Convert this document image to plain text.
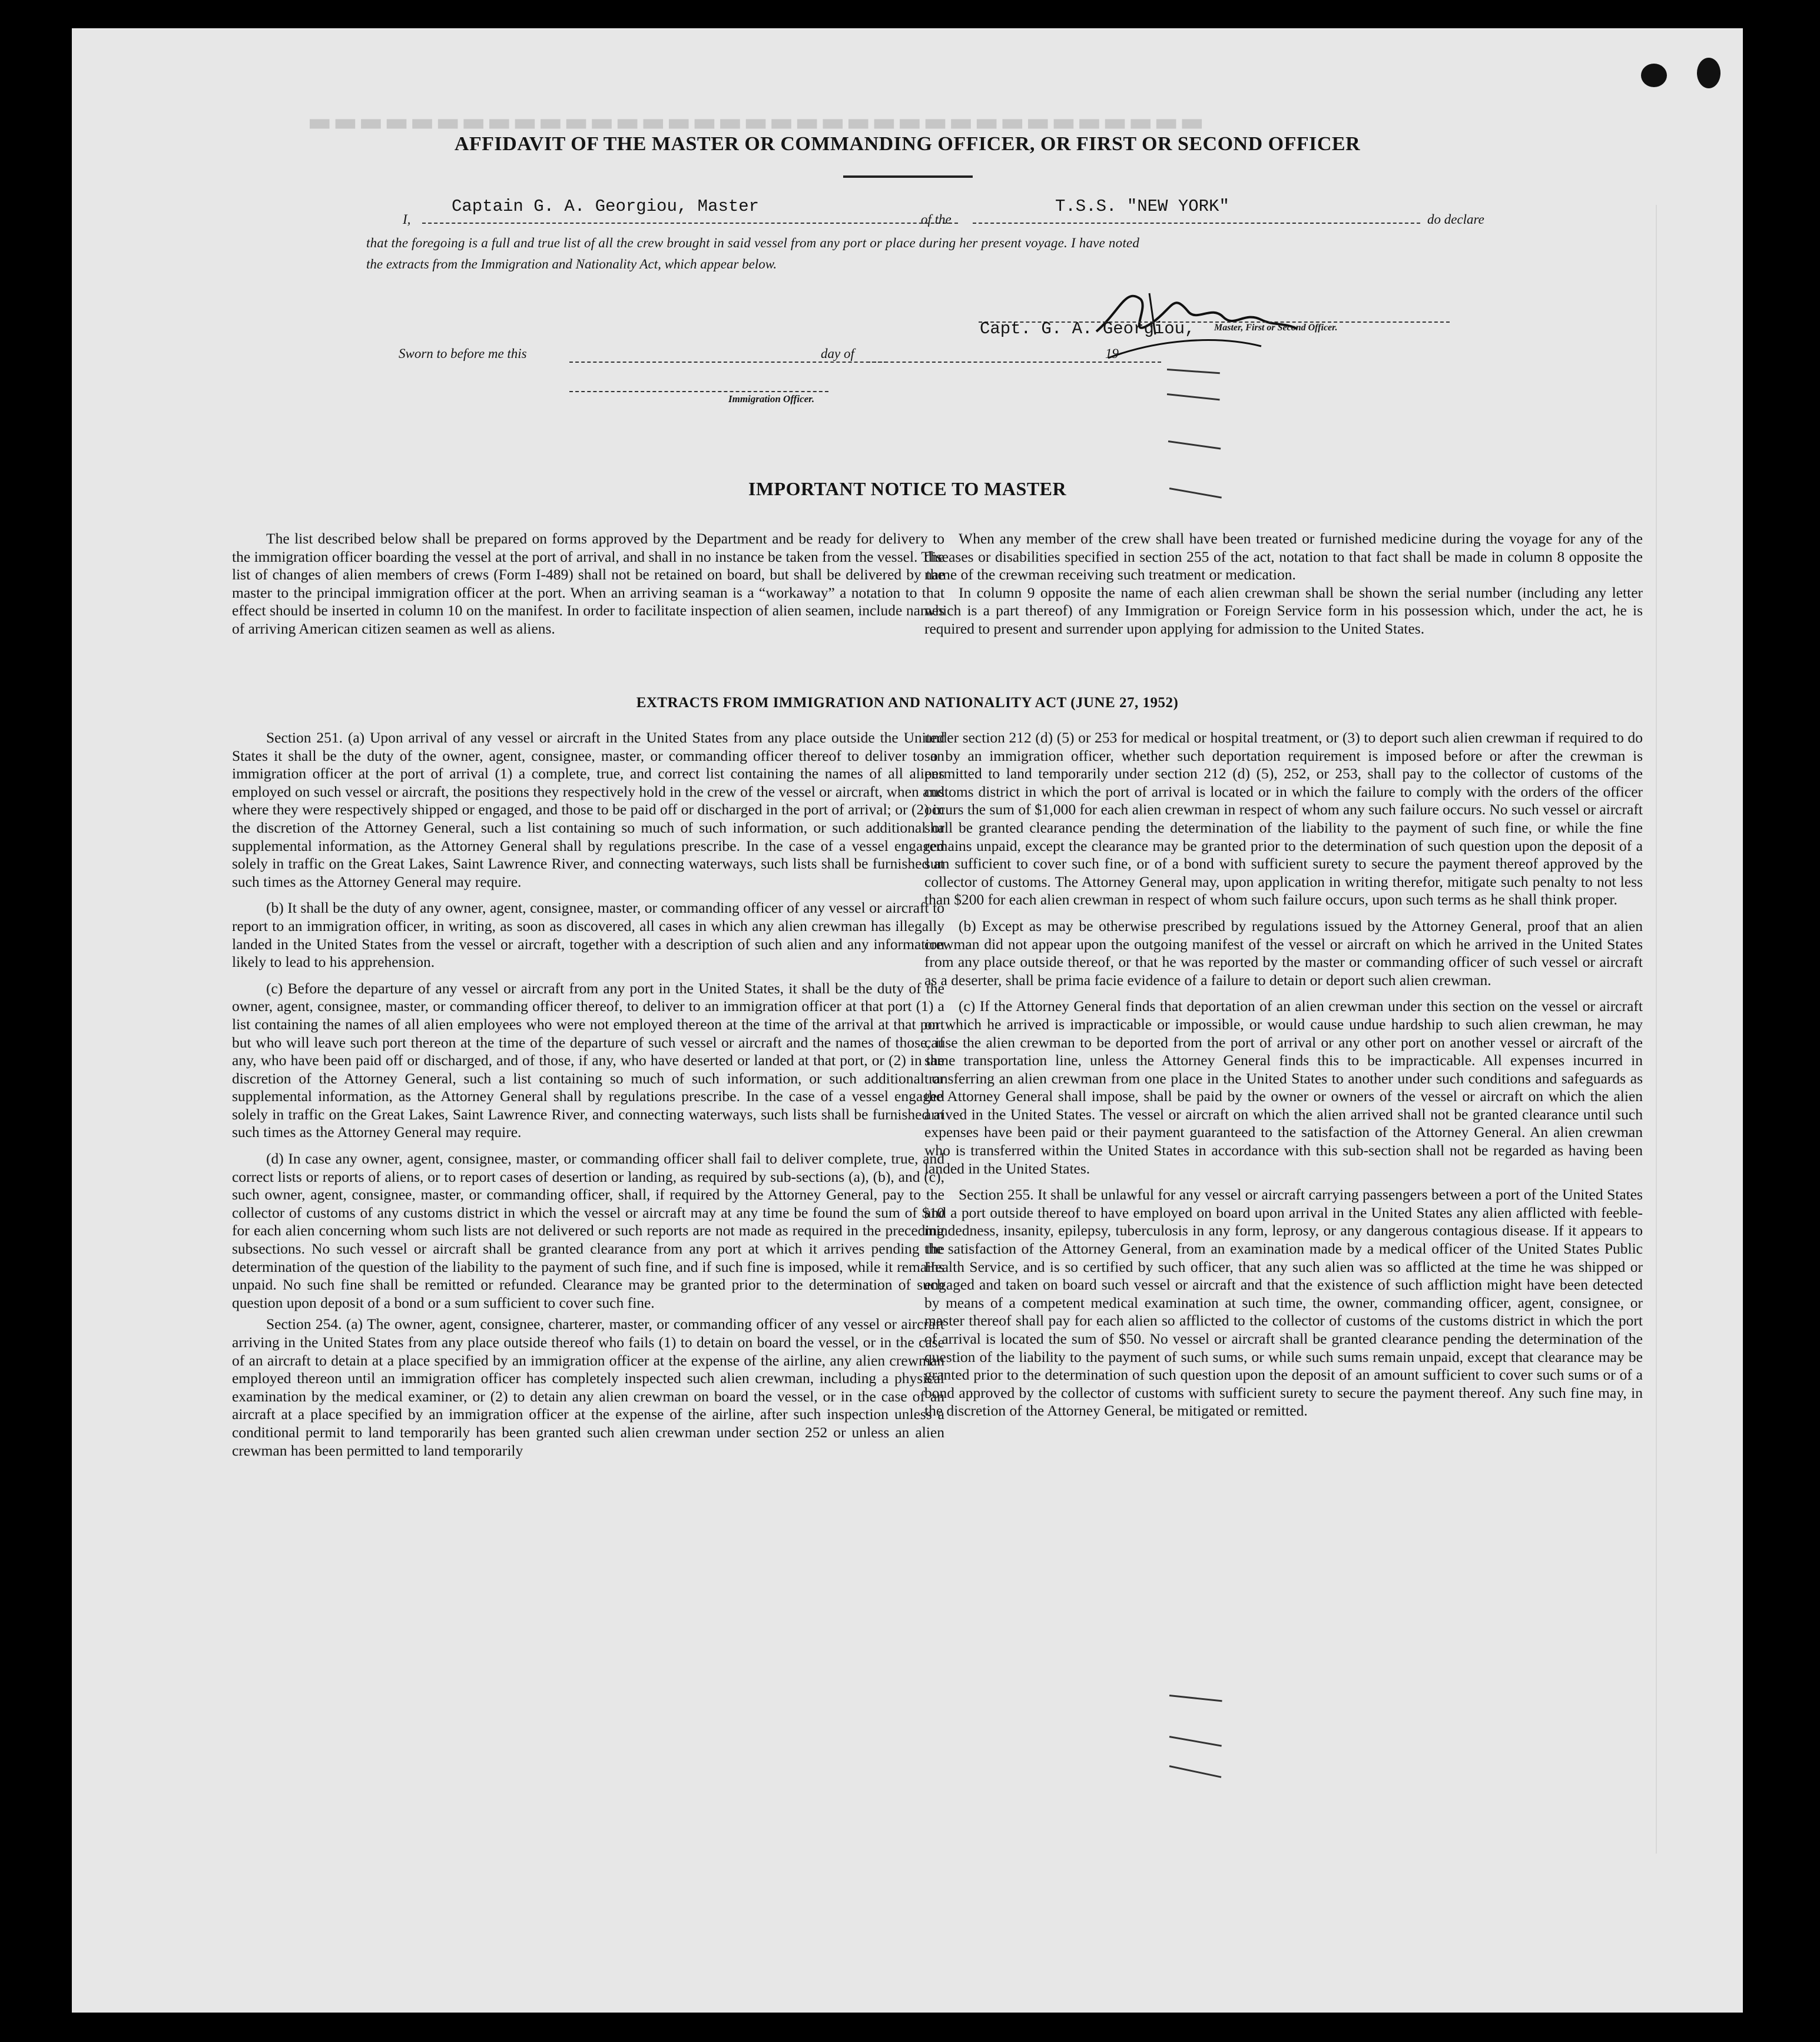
▬▬▬▬▬▬▬▬▬▬▬▬▬▬▬▬▬▬▬▬▬▬▬▬▬▬▬▬▬▬▬▬▬▬▬
AFFIDAVIT OF THE MASTER OR COMMANDING OFFICER, OR FIRST OR SECOND OFFICER
I,
Captain G. A. Georgiou, Master
of the
T.S.S. "NEW YORK"
do declare
that the foregoing is a full and true list of all the crew brought in said vessel from any port or place during her present voyage. I have noted
the extracts from the Immigration and Nationality Act, which appear below.
Capt. G. A. Georgiou, Master, First or Second Officer.
Sworn to before me this	day of	19
Immigration Officer.
IMPORTANT NOTICE TO MASTER

The list described below shall be prepared on forms approved by the Department and be ready for delivery to the immigration officer boarding the vessel at the port of arrival, and shall in no instance be taken from the vessel. The list of changes of alien members of crews (Form I-489) shall not be retained on board, but shall be delivered by the master to the principal immigration officer at the port. When an arriving seaman is a “workaway” a notation to that effect should be inserted in column 10 on the manifest. In order to facilitate inspection of alien seamen, include names of arriving American citizen seamen as well as aliens.

When any member of the crew shall have been treated or furnished medicine during the voyage for any of the diseases or disabilities specified in section 255 of the act, notation to that fact shall be made in column 8 opposite the name of the crewman receiving such treatment or medication.

In column 9 opposite the name of each alien crewman shall be shown the serial number (including any letter which is a part thereof) of any Immigration or Foreign Service form in his possession which, under the act, he is required to present and surrender upon applying for admission to the United States.

EXTRACTS FROM IMMIGRATION AND NATIONALITY ACT (JUNE 27, 1952)

Section 251. (a) Upon arrival of any vessel or aircraft in the United States from any place outside the United States it shall be the duty of the owner, agent, consignee, master, or commanding officer thereof to deliver to an immigration officer at the port of arrival (1) a complete, true, and correct list containing the names of all aliens employed on such vessel or aircraft, the positions they respectively hold in the crew of the vessel or aircraft, when and where they were respectively shipped or engaged, and those to be paid off or discharged in the port of arrival; or (2) in the discretion of the Attorney General, such a list containing so much of such information, or such additional or supplemental information, as the Attorney General shall by regulations prescribe. In the case of a vessel engaged solely in traffic on the Great Lakes, Saint Lawrence River, and connecting waterways, such lists shall be furnished at such times as the Attorney General may require.

(b) It shall be the duty of any owner, agent, consignee, master, or commanding officer of any vessel or aircraft to report to an immigration officer, in writing, as soon as discovered, all cases in which any alien crewman has illegally landed in the United States from the vessel or aircraft, together with a description of such alien and any information likely to lead to his apprehension.

(c) Before the departure of any vessel or aircraft from any port in the United States, it shall be the duty of the owner, agent, consignee, master, or commanding officer thereof, to deliver to an immigration officer at that port (1) a list containing the names of all alien employees who were not employed thereon at the time of the arrival at that port but who will leave such port thereon at the time of the departure of such vessel or aircraft and the names of those, if any, who have been paid off or discharged, and of those, if any, who have deserted or landed at that port, or (2) in the discretion of the Attorney General, such a list containing so much of such information, or such additional or supplemental information, as the Attorney General shall by regulations prescribe. In the case of a vessel engaged solely in traffic on the Great Lakes, Saint Lawrence River, and connecting waterways, such lists shall be furnished at such times as the Attorney General may require.

(d) In case any owner, agent, consignee, master, or commanding officer shall fail to deliver complete, true, and correct lists or reports of aliens, or to report cases of desertion or landing, as required by sub-sections (a), (b), and (c), such owner, agent, consignee, master, or commanding officer, shall, if required by the Attorney General, pay to the collector of customs of any customs district in which the vessel or aircraft may at any time be found the sum of $10 for each alien concerning whom such lists are not delivered or such reports are not made as required in the preceding subsections. No such vessel or aircraft shall be granted clearance from any port at which it arrives pending the determination of the question of the liability to the payment of such fine, and if such fine is imposed, while it remains unpaid. No such fine shall be remitted or refunded. Clearance may be granted prior to the determination of such question upon deposit of a bond or a sum sufficient to cover such fine.

Section 254. (a) The owner, agent, consignee, charterer, master, or commanding officer of any vessel or aircraft arriving in the United States from any place outside thereof who fails (1) to detain on board the vessel, or in the case of an aircraft to detain at a place specified by an immigration officer at the expense of the airline, any alien crewman employed thereon until an immigration officer has completely inspected such alien crewman, including a physical examination by the medical examiner, or (2) to detain any alien crewman on board the vessel, or in the case of an aircraft at a place specified by an immigration officer at the expense of the airline, after such inspection unless a conditional permit to land temporarily has been granted such alien crewman under section 252 or unless an alien crewman has been permitted to land temporarily

under section 212 (d) (5) or 253 for medical or hospital treatment, or (3) to deport such alien crewman if required to do so by an immigration officer, whether such deportation requirement is imposed before or after the crewman is permitted to land temporarily under section 212 (d) (5), 252, or 253, shall pay to the collector of customs of the customs district in which the port of arrival is located or in which the failure to comply with the orders of the officer occurs the sum of $1,000 for each alien crewman in respect of whom any such failure occurs. No such vessel or aircraft shall be granted clearance pending the determination of the liability to the payment of such fine, or while the fine remains unpaid, except the clearance may be granted prior to the determination of such question upon the deposit of a sum sufficient to cover such fine, or of a bond with sufficient surety to secure the payment thereof approved by the collector of customs. The Attorney General may, upon application in writing therefor, mitigate such penalty to not less than $200 for each alien crewman in respect of whom such failure occurs, upon such terms as he shall think proper.

(b) Except as may be otherwise prescribed by regulations issued by the Attorney General, proof that an alien crewman did not appear upon the outgoing manifest of the vessel or aircraft on which he arrived in the United States from any place outside thereof, or that he was reported by the master or commanding officer of such vessel or aircraft as a deserter, shall be prima facie evidence of a failure to detain or deport such alien crewman.

(c) If the Attorney General finds that deportation of an alien crewman under this section on the vessel or aircraft on which he arrived is impracticable or impossible, or would cause undue hardship to such alien crewman, he may cause the alien crewman to be deported from the port of arrival or any other port on another vessel or aircraft of the same transportation line, unless the Attorney General finds this to be impracticable. All expenses incurred in transferring an alien crewman from one place in the United States to another under such conditions and safeguards as the Attorney General shall impose, shall be paid by the owner or owners of the vessel or aircraft on which the alien arrived in the United States. The vessel or aircraft on which the alien arrived shall not be granted clearance until such expenses have been paid or their payment guaranteed to the satisfaction of the Attorney General. An alien crewman who is transferred within the United States in accordance with this sub-section shall not be regarded as having been landed in the United States.

Section 255. It shall be unlawful for any vessel or aircraft carrying passengers between a port of the United States and a port outside thereof to have employed on board upon arrival in the United States any alien afflicted with feeble-mindedness, insanity, epilepsy, tuberculosis in any form, leprosy, or any dangerous contagious disease. If it appears to the satisfaction of the Attorney General, from an examination made by a medical officer of the United States Public Health Service, and is so certified by such officer, that any such alien was so afflicted at the time he was shipped or engaged and taken on board such vessel or aircraft and that the existence of such affliction might have been detected by means of a competent medical examination at such time, the owner, commanding officer, agent, consignee, or master thereof shall pay for each alien so afflicted to the collector of customs of the customs district in which the port of arrival is located the sum of $50. No vessel or aircraft shall be granted clearance pending the determination of the question of the liability to the payment of such sums, or while such sums remain unpaid, except that clearance may be granted prior to the determination of such question upon the deposit of an amount sufficient to cover such sums or of a bond approved by the collector of customs with sufficient surety to secure the payment thereof. Any such fine may, in the discretion of the Attorney General, be mitigated or remitted.
